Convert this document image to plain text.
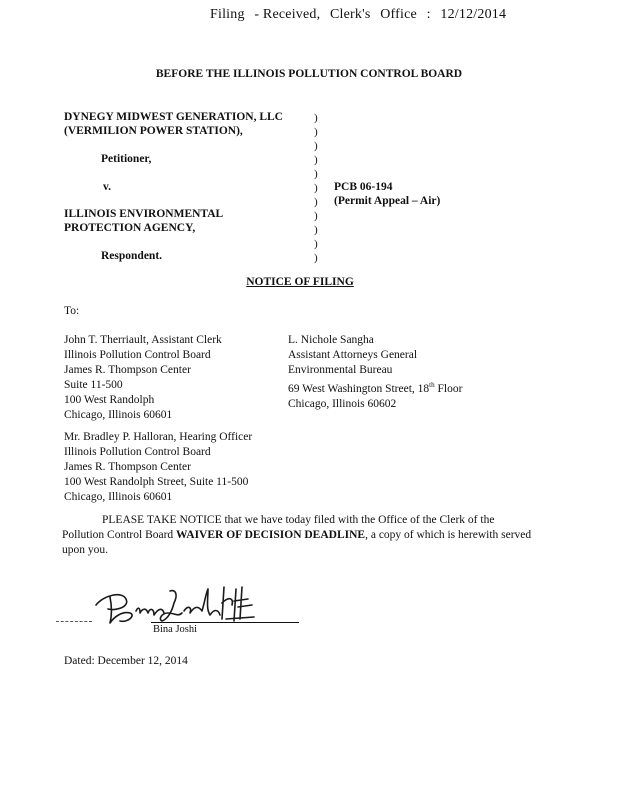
Filing - Received, Clerk's Office : 12/12/2014
BEFORE THE ILLINOIS POLLUTION CONTROL BOARD
DYNEGY MIDWEST GENERATION, LLC
(VERMILION POWER STATION),
Petitioner,
v.
ILLINOIS ENVIRONMENTAL
PROTECTION AGENCY,
Respondent.
)
)
)
)
)
)
)
)
)
)
)
PCB 06-194
(Permit Appeal – Air)
NOTICE OF FILING
To:
John T. Therriault, Assistant Clerk
Illinois Pollution Control Board
James R. Thompson Center
Suite 11-500
100 West Randolph
Chicago, Illinois 60601
L. Nichole Sangha
Assistant Attorneys General
Environmental Bureau
69 West Washington Street, 18th Floor
Chicago, Illinois 60602
Mr. Bradley P. Halloran, Hearing Officer
Illinois Pollution Control Board
James R. Thompson Center
100 West Randolph Street, Suite 11-500
Chicago, Illinois 60601
PLEASE TAKE NOTICE that we have today filed with the Office of the Clerk of the Pollution Control Board WAIVER OF DECISION DEADLINE, a copy of which is herewith served upon you.
Bina Joshi
Dated: December 12, 2014
